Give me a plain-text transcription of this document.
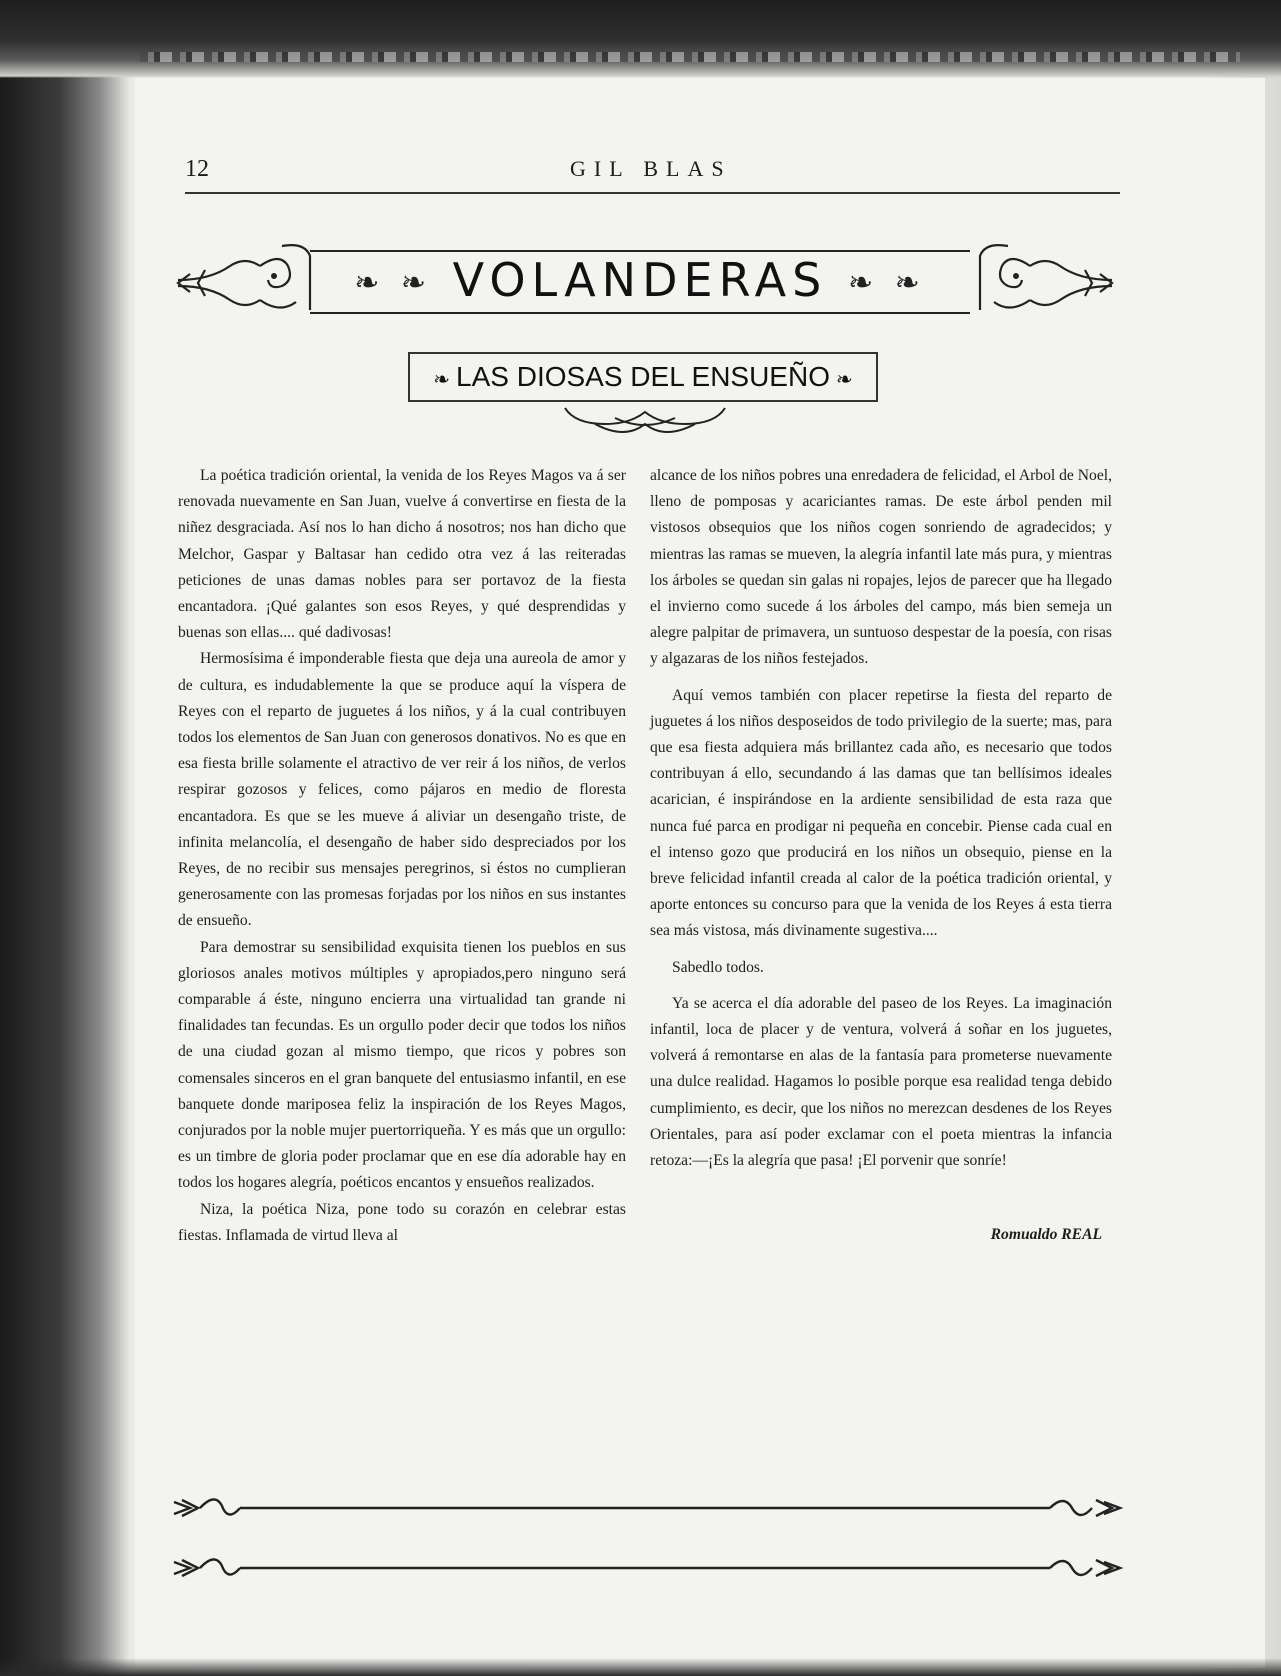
12	GIL BLAS
❧ ❧ VOLANDERAS ❧ ❧
❧ LAS DIOSAS DEL ENSUEÑO ❧

La poética tradición oriental, la venida de los Reyes Magos va á ser renovada nuevamente en San Juan, vuelve á convertirse en fiesta de la niñez desgraciada. Así nos lo han dicho á nosotros; nos han dicho que Melchor, Gaspar y Baltasar han cedido otra vez á las reiteradas peticiones de unas damas nobles para ser portavoz de la fiesta encantadora. ¡Qué galantes son esos Reyes, y qué desprendidas y buenas son ellas.... qué dadivosas!

Hermosísima é imponderable fiesta que deja una aureola de amor y de cultura, es indudablemente la que se produce aquí la víspera de Reyes con el reparto de juguetes á los niños, y á la cual contribuyen todos los elementos de San Juan con generosos donativos. No es que en esa fiesta brille solamente el atractivo de ver reir á los niños, de verlos respirar gozosos y felices, como pájaros en medio de floresta encantadora. Es que se les mueve á aliviar un desengaño triste, de infinita melancolía, el desengaño de haber sido despreciados por los Reyes, de no recibir sus mensajes peregrinos, si éstos no cumplieran generosamente con las promesas forjadas por los niños en sus instantes de ensueño.

Para demostrar su sensibilidad exquisita tienen los pueblos en sus gloriosos anales motivos múltiples y apropiados,pero ninguno será comparable á éste, ninguno encierra una virtualidad tan grande ni finalidades tan fecundas. Es un orgullo poder decir que todos los niños de una ciudad gozan al mismo tiempo, que ricos y pobres son comensales sinceros en el gran banquete del entusiasmo infantil, en ese banquete donde mariposea feliz la inspiración de los Reyes Magos, conjurados por la noble mujer puertorriqueña. Y es más que un orgullo: es un timbre de gloria poder proclamar que en ese día adorable hay en todos los hogares alegría, poéticos encantos y ensueños realizados.

Niza, la poética Niza, pone todo su corazón en celebrar estas fiestas. Inflamada de virtud lleva al

alcance de los niños pobres una enredadera de felicidad, el Arbol de Noel, lleno de pomposas y acariciantes ramas. De este árbol penden mil vistosos obsequios que los niños cogen sonriendo de agradecidos; y mientras las ramas se mueven, la alegría infantil late más pura, y mientras los árboles se quedan sin galas ni ropajes, lejos de parecer que ha llegado el invierno como sucede á los árboles del campo, más bien semeja un alegre palpitar de primavera, un suntuoso despestar de la poesía, con risas y algazaras de los niños festejados.

Aquí vemos también con placer repetirse la fiesta del reparto de juguetes á los niños desposeidos de todo privilegio de la suerte; mas, para que esa fiesta adquiera más brillantez cada año, es necesario que todos contribuyan á ello, secundando á las damas que tan bellísimos ideales acarician, é inspirándose en la ardiente sensibilidad de esta raza que nunca fué parca en prodigar ni pequeña en concebir. Piense cada cual en el intenso gozo que producirá en los niños un obsequio, piense en la breve felicidad infantil creada al calor de la poética tradición oriental, y aporte entonces su concurso para que la venida de los Reyes á esta tierra sea más vistosa, más divinamente sugestiva....

Sabedlo todos.

Ya se acerca el día adorable del paseo de los Reyes. La imaginación infantil, loca de placer y de ventura, volverá á soñar en los juguetes, volverá á remontarse en alas de la fantasía para prometerse nuevamente una dulce realidad. Hagamos lo posible porque esa realidad tenga debido cumplimiento, es decir, que los niños no merezcan desdenes de los Reyes Orientales, para así poder exclamar con el poeta mientras la infancia retoza:—¡Es la alegría que pasa! ¡El porvenir que sonríe!

Romualdo REAL
